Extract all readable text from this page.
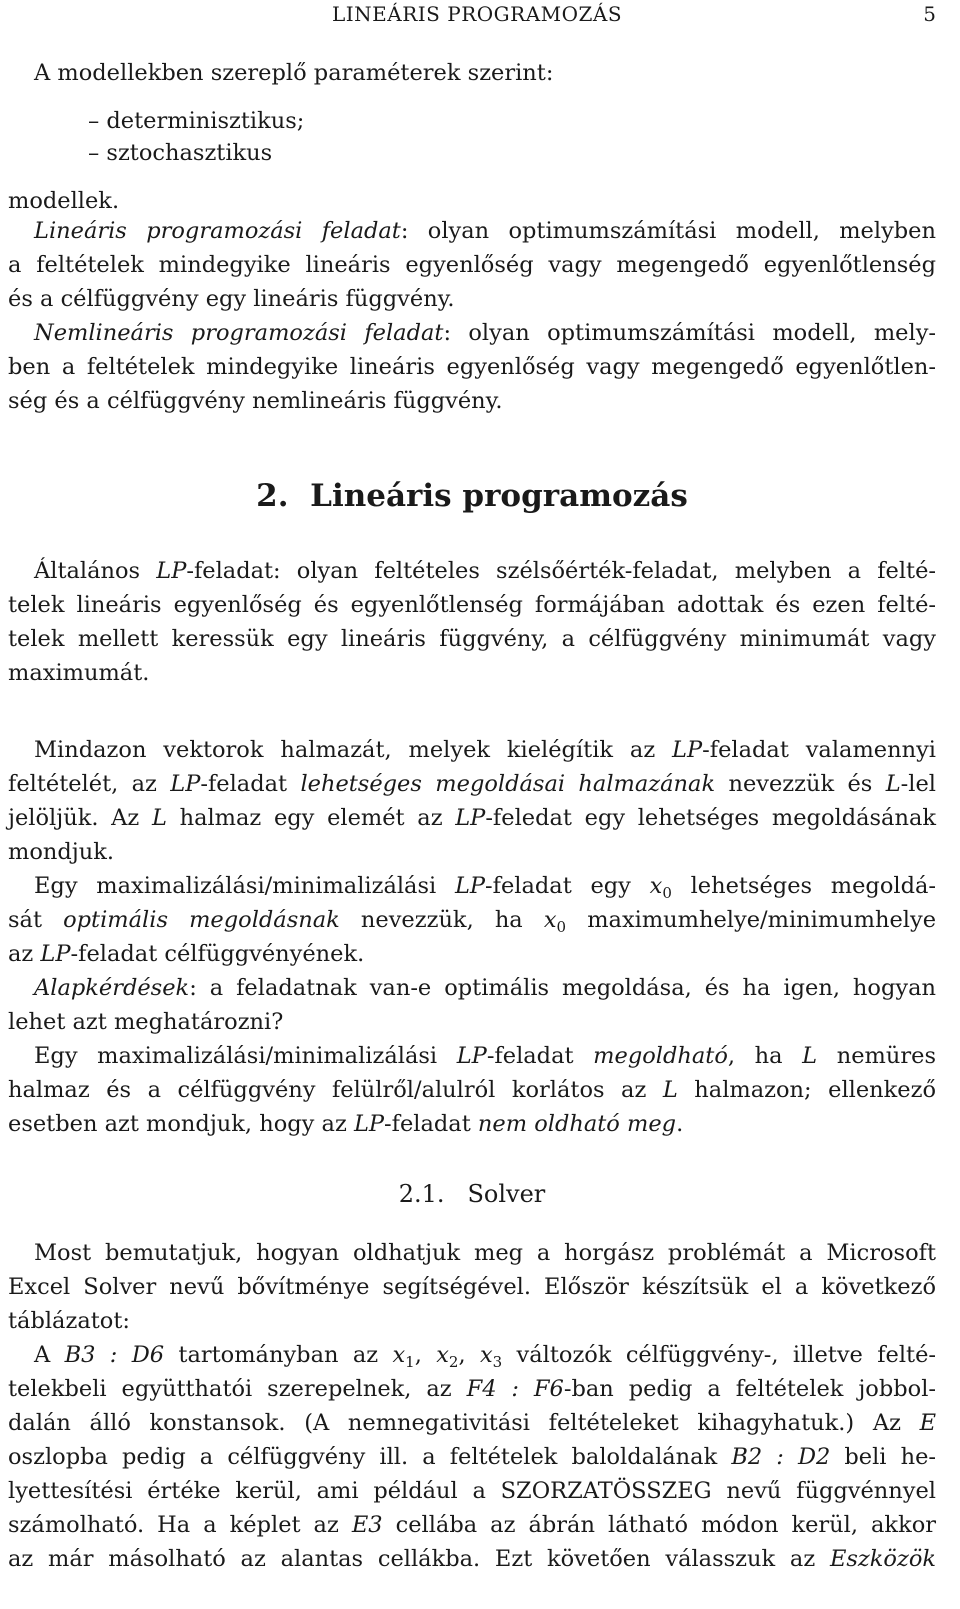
LINEÁRIS PROGRAMOZÁS	5
A modellekben szereplő paraméterek szerint:
– determinisztikus;
– sztochasztikus
modellek.
Lineáris programozási feladat: olyan optimumszámítási modell, melyben
a feltételek mindegyike lineáris egyenlőség vagy megengedő egyenlőtlenség
és a célfüggvény egy lineáris függvény.
Nemlineáris programozási feladat: olyan optimumszámítási modell, mely-
ben a feltételek mindegyike lineáris egyenlőség vagy megengedő egyenlőtlen-
ség és a célfüggvény nemlineáris függvény.
2. Lineáris programozás
Általános LP-feladat: olyan feltételes szélsőérték-feladat, melyben a felté-
telek lineáris egyenlőség és egyenlőtlenség formájában adottak és ezen felté-
telek mellett keressük egy lineáris függvény, a célfüggvény minimumát vagy
maximumát.
Mindazon vektorok halmazát, melyek kielégítik az LP-feladat valamennyi
feltételét, az LP-feladat lehetséges megoldásai halmazának nevezzük és L-lel
jelöljük. Az L halmaz egy elemét az LP-feledat egy lehetséges megoldásának
mondjuk.
Egy maximalizálási/minimalizálási LP-feladat egy $x_0$ lehetséges megoldá-
sát optimális megoldásnak nevezzük, ha $x_0$ maximumhelye/minimumhelye
az LP-feladat célfüggvényének.
Alapkérdések: a feladatnak van-e optimális megoldása, és ha igen, hogyan
lehet azt meghatározni?
Egy maximalizálási/minimalizálási LP-feladat megoldható, ha L nemüres
halmaz és a célfüggvény felülről/alulról korlátos az L halmazon; ellenkező
esetben azt mondjuk, hogy az LP-feladat nem oldható meg.
2.1. Solver
Most bemutatjuk, hogyan oldhatjuk meg a horgász problémát a Microsoft
Excel Solver nevű bővítménye segítségével. Először készítsük el a következő
táblázatot:
A B3 : D6 tartományban az $x_1$, $x_2$, $x_3$ változók célfüggvény-, illetve felté-
telekbeli együtthatói szerepelnek, az F4 : F6-ban pedig a feltételek jobbol-
dalán álló konstansok. (A nemnegativitási feltételeket kihagyhatuk.) Az E
oszlopba pedig a célfüggvény ill. a feltételek baloldalának B2 : D2 beli he-
lyettesítési értéke kerül, ami például a SZORZATÖSSZEG nevű függvénnyel
számolható. Ha a képlet az E3 cellába az ábrán látható módon kerül, akkor
az már másolható az alantas cellákba. Ezt követően válasszuk az Eszközök
